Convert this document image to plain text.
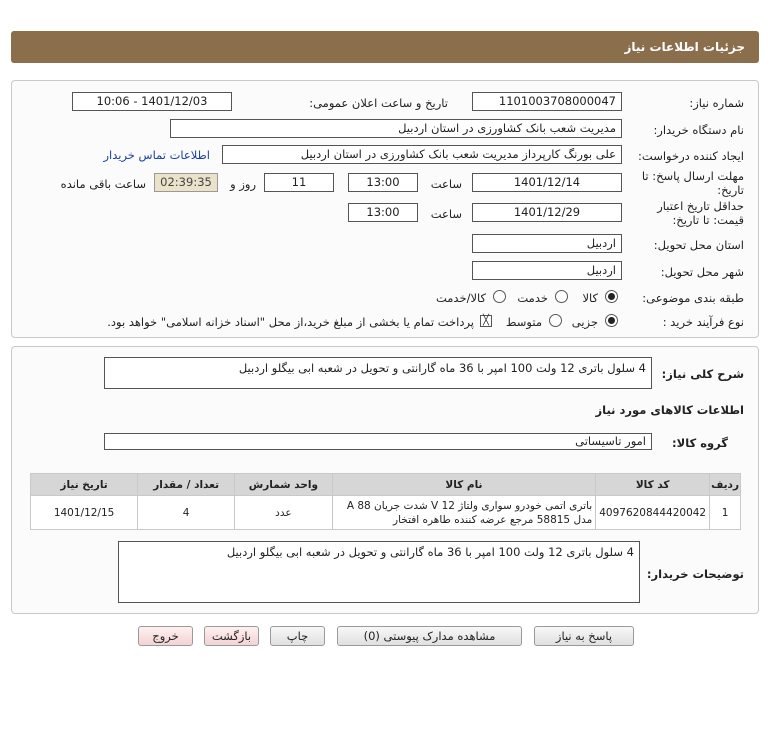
جزئیات اطلاعات نیاز
شماره نیاز:
1101003708000047
تاریخ و ساعت اعلان عمومی:
1401/12/03 - 10:06
نام دستگاه خریدار:
مدیریت شعب بانک کشاورزی در استان اردبیل
ایجاد کننده درخواست:
علی بورنگ کارپرداز مدیریت شعب بانک کشاورزی در استان اردبیل
اطلاعات تماس خریدار
مهلت ارسال پاسخ: تا تاریخ:
1401/12/14
ساعت
13:00
11
روز و
02:39:35
ساعت باقی مانده
حداقل تاریخ اعتبار قیمت: تا تاریخ:
1401/12/29
ساعت
13:00
استان محل تحویل:
اردبیل
شهر محل تحویل:
اردبیل
طبقه بندی موضوعی:
کالا
خدمت
کالا/خدمت
نوع فرآیند خرید :
جزیی
متوسط
╳
پرداخت تمام یا بخشی از مبلغ خرید،از محل "اسناد خزانه اسلامی" خواهد بود.
شرح کلی نیاز:
4 سلول باتری 12 ولت 100 امپر با 36 ماه گارانتی و تحویل در شعبه ابی بیگلو اردبیل
اطلاعات کالاهای مورد نیاز
گروه کالا:
امور تاسیساتی
ردیف	کد کالا	نام کالا	واحد شمارش	تعداد / مقدار	تاریخ نیاز
1	4097620844420042	باتری اتمی خودرو سواری ولتاژ V 12 شدت جریان A 88 مدل 58815 مرجع عرضه کننده طاهره افتخار	عدد	4	1401/12/15
توضیحات خریدار:
4 سلول باتری 12 ولت 100 امپر با 36 ماه گارانتی و تحویل در شعبه ابی بیگلو اردبیل
پاسخ به نیاز
مشاهده مدارک پیوستی (0)
چاپ
بازگشت
خروج
